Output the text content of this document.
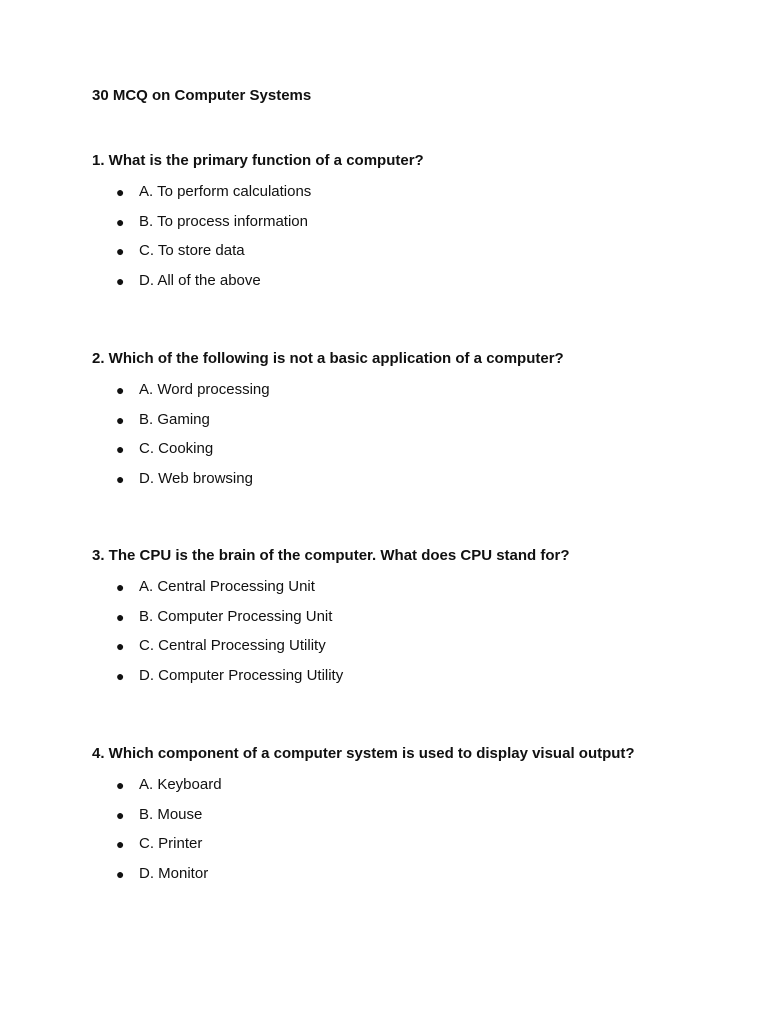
30 MCQ on Computer Systems

1. What is the primary function of a computer?

● A. To perform calculations
● B. To process information
● C. To store data
● D. All of the above

2. Which of the following is not a basic application of a computer?

● A. Word processing
● B. Gaming
● C. Cooking
● D. Web browsing

3. The CPU is the brain of the computer. What does CPU stand for?

● A. Central Processing Unit
● B. Computer Processing Unit
● C. Central Processing Utility
● D. Computer Processing Utility

4. Which component of a computer system is used to display visual output?

● A. Keyboard
● B. Mouse
● C. Printer
● D. Monitor
